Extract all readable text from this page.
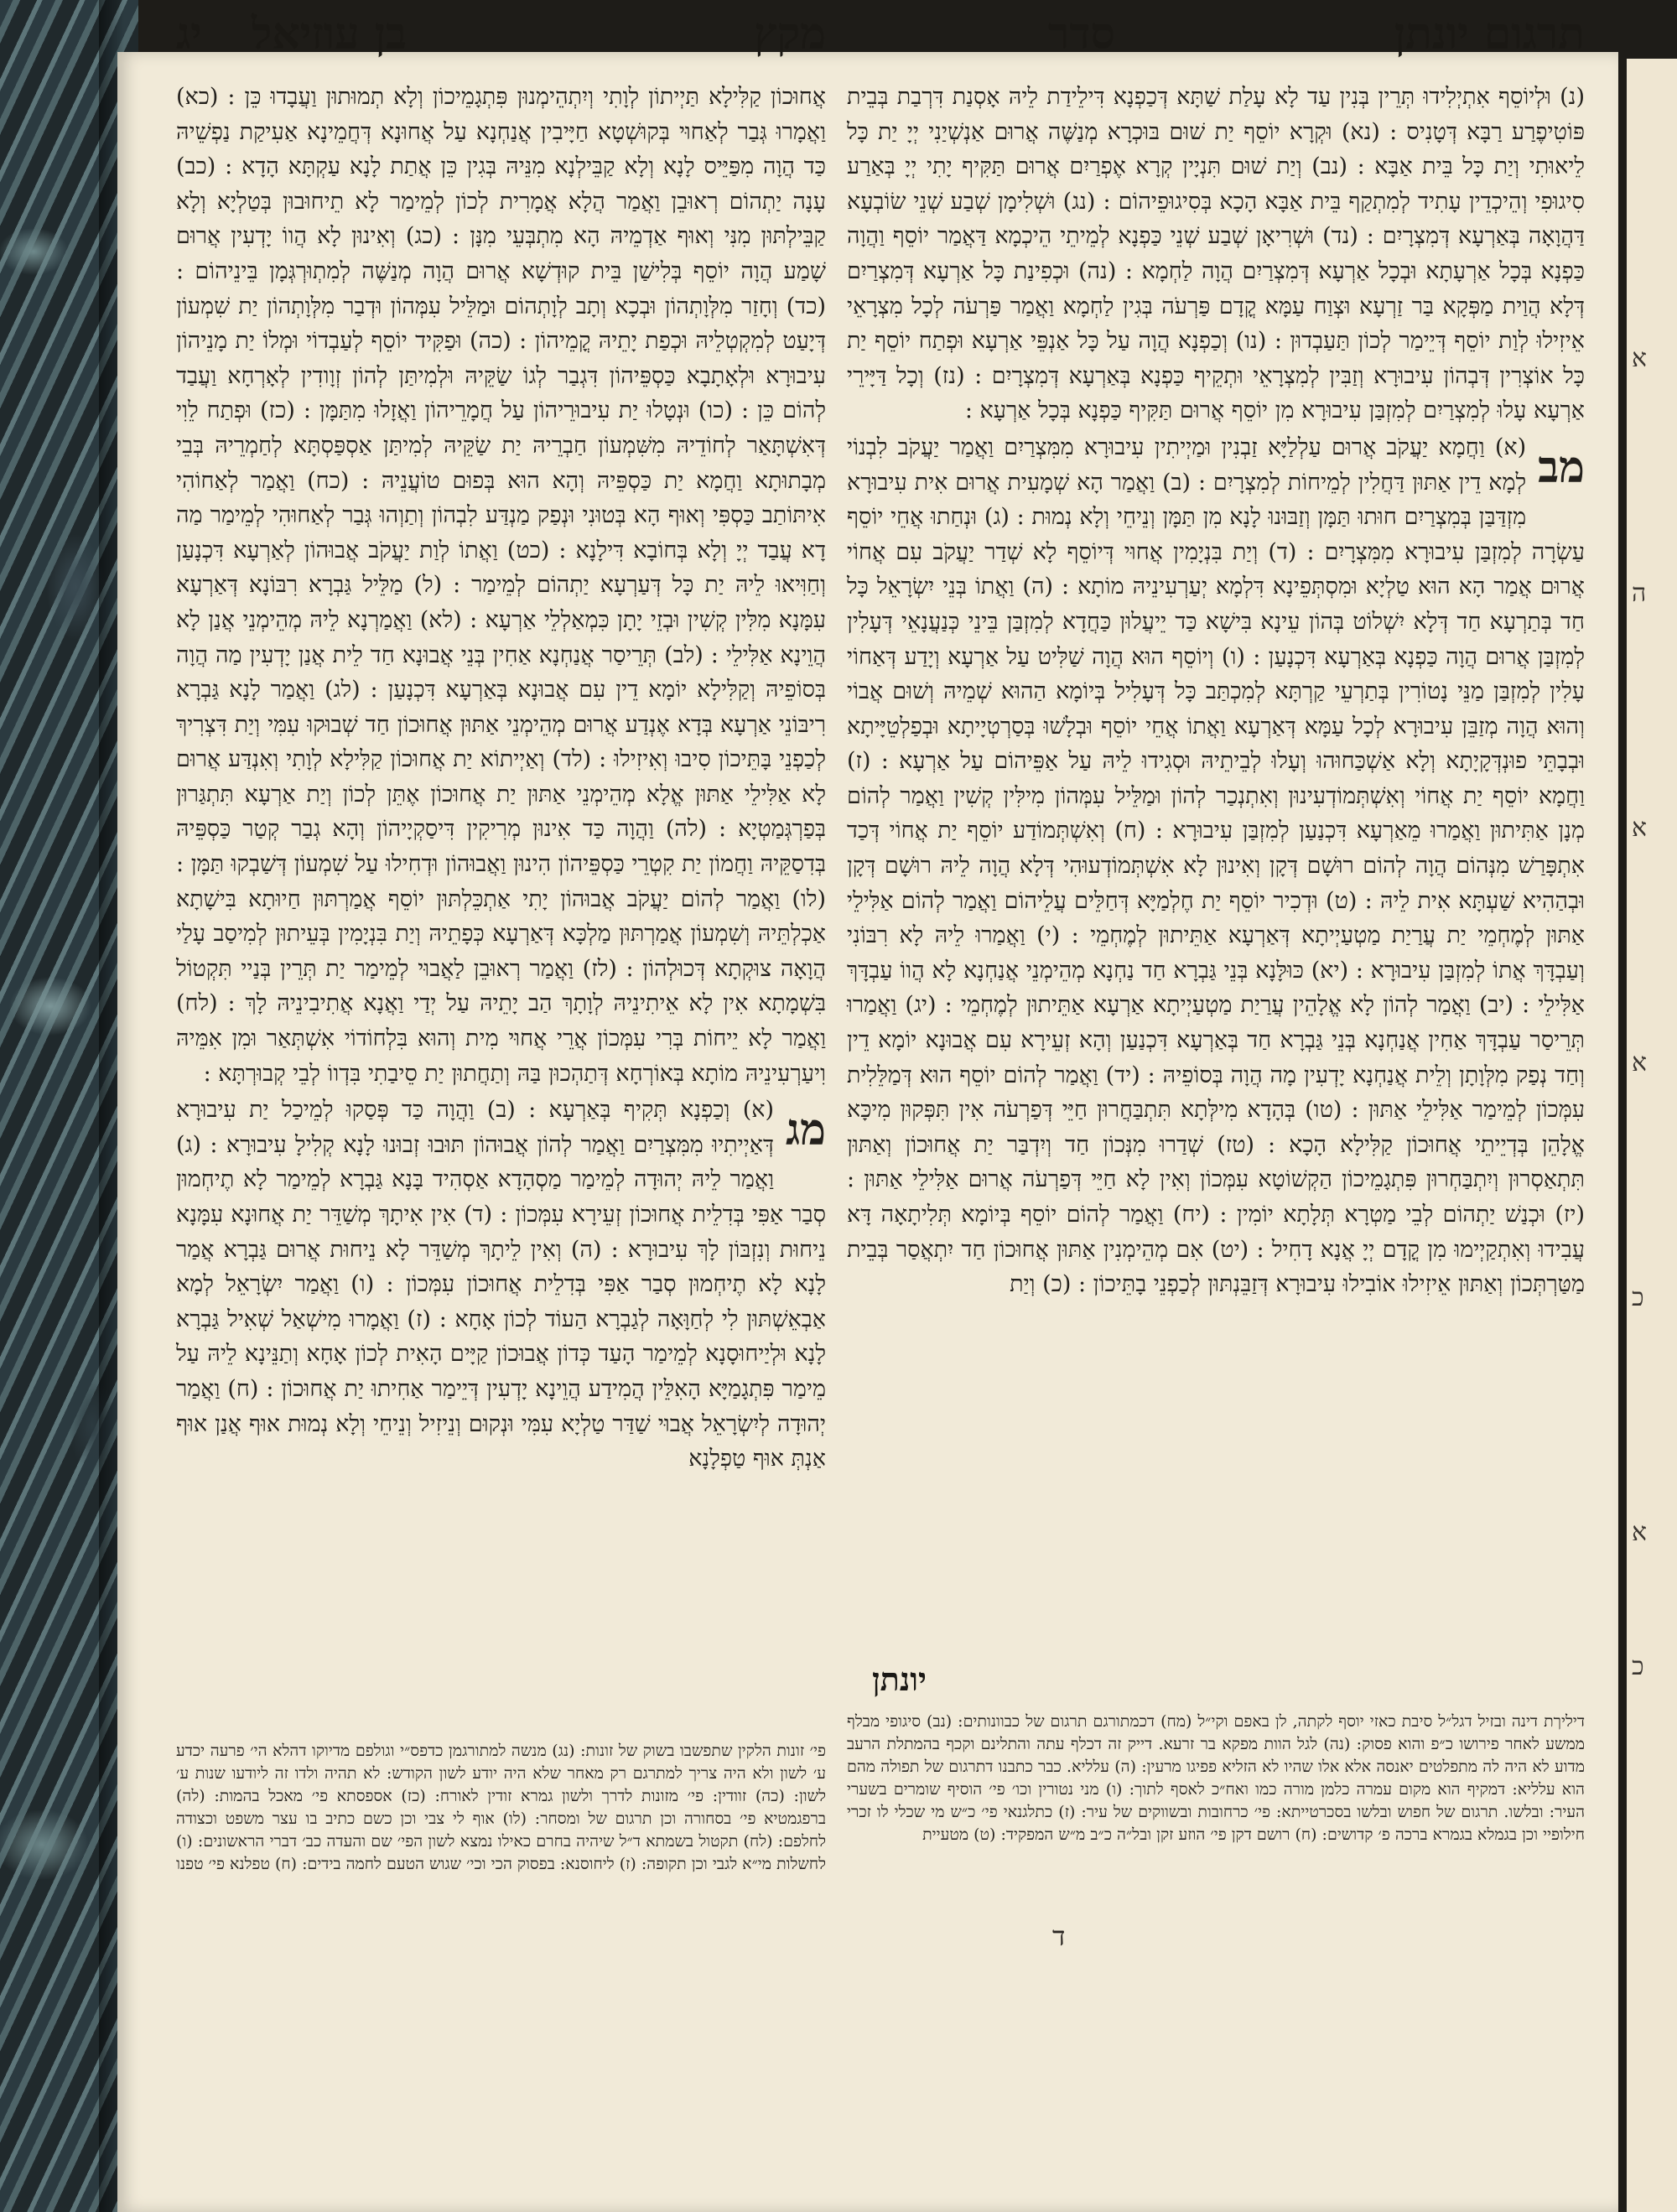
א
ה
א
א
כ
א
כ
תרגום יונתן
סדר
יג בן עוזיאל	מקץ

(נ) וּלְיוֹסֵף אִתְיְלִידוּ תְּרֵין בְּנִין עַד לָא עָלַת שַׁתָּא דְּכַפְנָא דִּילֵידַת לֵיהּ אָסְנַת דִּרְבַת בְּבֵית פּוֹטִיפֶרַע רַבָּא דְּטָנִיס : (נא) וּקְרָא יוֹסֵף יַת שׁוּם בּוּכְרָא מְנַשֶּׁה אֲרוּם אַנְשְׁיַנִי יְיָ יַת כָּל לֵיאוּתִי וְיַת כָּל בֵּית אַבָּא : (נב) וְיַת שׁוּם תִּנְיָין קְרָא אֶפְרַיִם אֲרוּם תַּקִּיף יָתִי יְיָ בְּאַרַע סִיגוּפִי וְהֵיכְדֵין עָתִיד לְמִתְקַף בֵּית אַבָּא הָכָא בְּסִיגוּפֵיהוֹם : (נג) וּשְׁלִימָן שְׁבַע שְׁנֵי שׂוֹבְעָא דַּהֲוָאָה בְּאַרְעָא דְּמִצְרָיִם : (נד) וּשְׁרִיאָן שְׁבַע שְׁנֵי כַּפְנָא לְמֵיתֵי הֵיכְמָא דַּאֲמַר יוֹסֵף וַהֲוָה כַּפְנָא בְּכָל אַרְעָתָא וּבְכָל אַרְעָא דְּמִצְרַיִם הֲוָה לַחְמָא : (נה) וּכְפִינַת כָּל אַרְעָא דְּמִצְרַיִם דְּלָא הֲוַית מַפְּקָא בַּר זַרְעָא וּצְוַח עַמָּא קֳדָם פַּרְעֹה בְּגִין לַחְמָא וַאֲמַר פַּרְעֹה לְכָל מִצְרָאֵי אֵיזִילוּ לְוַת יוֹסֵף דְּיֵימַר לְכוֹן תַּעַבְדוּן : (נו) וְכַפְנָא הֲוָה עַל כָּל אַנְפֵּי אַרְעָא וּפְתַח יוֹסֵף יַת כָּל אוֹצְרִין דְּבְהוֹן עִיבוּרָא וְזַבִּין לְמִצְרָאֵי וּתְקֵיף כַּפְנָא בְּאַרְעָא דְּמִצְרָיִם : (נז) וְכָל דַּיָּירֵי אַרְעָא עָלוּ לְמִצְרַיִם לְמִזְבַּן עִיבוּרָא מִן יוֹסֵף אֲרוּם תַּקִּיף כַּפְנָא בְּכָל אַרְעָא :

מב
(א) וַחֲמָא יַעֲקֹב אֲרוּם עַלְלַיָּא זַבְנִין וּמַיְיתִין עִיבוּרָא מִמִּצְרַיִם וַאֲמַר יַעֲקֹב לִבְנוֹי לְמָא דֵין אַתּוּן דַּחֲלִין לְמֵיחוֹת לְמִצְרָיִם : (ב) וַאֲמַר הָא שְׁמָעִית אֲרוּם אִית עִיבוּרָא מִזְדַּבַּן בְּמִצְרַיִם חוּתוּ תַּמָּן וְזַבּוּנוּ לָנָא מִן תַּמָּן וְנֵיחֵי וְלָא נְמוּת : (ג) וּנְחַתוּ אֲחֵי יוֹסֵף עַשְׂרָה לְמִזְבַּן עִיבוּרָא מִמִּצְרָיִם : (ד) וְיַת בִּנְיָמִין אֲחוּי דְּיוֹסֵף לָא שְׁדַר יַעֲקֹב עִם אֲחוֹי אֲרוּם אֲמַר הָא הוּא טַלְיָא וּמִסְתְּפֵינָא דִּלְמָא יְעַרְעִינֵיהּ מוֹתָא : (ה) וַאֲתוֹ בְּנֵי יִשְׂרָאֵל כָּל חַד בְּתַרְעָא חַד דְּלָא יִשְׁלוֹט בְּהוֹן עֵינָא בִּישָׁא כַּד יֵיעֲלוּן כַּחֲדָא לְמִזְבַּן בֵּינֵי כְּנַעֲנָאֵי דְּעָלִין לְמִזְבַּן אֲרוּם הֲוָה כַּפְנָא בְּאַרְעָא דִּכְנָעַן : (ו) וְיוֹסֵף הוּא הֲוָה שַׁלִּיט עַל אַרְעָא וְיָדַע דְּאַחוֹי עָלִין לְמִזְבַּן מַנֵּי נָטוֹרִין בְּתַרְעֵי קַרְתָּא לְמִכְתַּב כָּל דְּעָלִיל בְּיוֹמָא הַהוּא שְׁמֵיהּ וְשׁוּם אֲבוֹי וְהוּא הֲוָה מְזַבֵּן עִיבוּרָא לְכָל עַמָּא דְּאַרְעָא וַאֲתוֹ אֲחֵי יוֹסֵף וּבְלָשׁוּ בְּסַרְטְיָיתָא וּבְפַלְטֵיָּיתָא וּבְבָתֵּי פוּנְדְּקָיָתָא וְלָא אַשְׁכַּחוּהוּ וְעָלוּ לְבֵיתֵיהּ וּסְגִידוּ לֵיהּ עַל אַפֵּיהוֹם עַל אַרְעָא : (ז) וַחֲמָא יוֹסֵף יַת אֲחוֹי וְאִשְׁתְּמוֹדְעִינוּן וְאִתְנְכַר לְהוֹן וּמַלֵּיל עִמְּהוֹן מִילִּין קְשִׁין וַאֲמַר לְהוֹם מְנָן אַתִּיתוּן וַאֲמַרוּ מֵאַרְעָא דִּכְנַעַן לְמִזְבַּן עִיבוּרָא : (ח) וְאִשְׁתְּמוֹדַע יוֹסֵף יַת אֲחוֹי דְּכַד אִתְפָּרַשׁ מִנְּהוֹם הֲוָה לְהוֹם רוּשָׁם דְּקָן וְאִינוּן לָא אִשְׁתְּמוֹדְעוּהִי דְּלָא הֲוָה לֵיהּ רוּשָׁם דְּקָן וּבְהַהִיא שַׁעְתָּא אִית לֵיהּ : (ט) וּדְכִיר יוֹסֵף יַת חֶלְמַיָּא דְּחַלֵּים עֲלֵיהוֹם וַאֲמַר לְהוֹם אַלִּילֵי אַתּוּן לְמֶחְמֵי יַת עֲרַיַת מַטְעַיְיתָא דְּאַרְעָא אַתֵּיתוּן לְמֶחְמֵי : (י) וַאֲמַרוּ לֵיהּ לָא רִבּוֹנִי וְעַבְדָּךְ אֲתוֹ לְמִזְבַּן עִיבוּרָא : (יא) כּוּלָּנָא בְּנֵי גַּבְרָא חַד נַחְנָא מְהֵימְנֵי אֲנַחְנָא לָא הֲווֹ עַבְדָּךְ אַלִּילֵי : (יב) וַאֲמַר לְהוֹן לָא אֱלָהֵין עֲרַיַת מַטְעַיְיתָא אַרְעָא אַתֵּיתוּן לְמֶחְמֵי : (יג) וַאֲמַרוּ תְּרֵיסַר עַבְדָּךְ אַחִין אֲנַחְנָא בְּנֵי גַּבְרָא חַד בְּאַרְעָא דִּכְנַעַן וְהָא זְעֵירָא עִם אֲבוּנָא יוֹמָא דֵין וְחַד נְפַק מִלְּוָתָן וְלֵית אֲנַחְנָא יָדְעִין מָה הֲוָה בְּסוֹפֵיהּ : (יד) וַאֲמַר לְהוֹם יוֹסֵף הוּא דְּמַלֵּלִית עִמְּכוֹן לְמֵימַר אַלִּילֵי אַתּוּן : (טו) בְּהָדָא מִילְּתָא תִּתְבַּחֲרוּן חַיֵּי דְּפַרְעֹה אִין תִּפְּקוּן מִיכָּא אֱלָהֵן בְּדְיֵיתֵי אֲחוּכוֹן קַלִּילָא הָכָא : (טז) שְׁדַרוּ מִנְּכוֹן חַד וְיִדְבַּר יַת אֲחוּכוֹן וְאַתּוּן תִּתְאַסְרוּן וְיִתְבַּחְרוּן פִּתְגָמֵיכוֹן הַקְשׁוֹטָא עִמְּכוֹן וְאִין לָא חַיֵּי דְּפַרְעֹה אֲרוּם אַלִּילֵי אַתּוּן : (יז) וּכְנַשׁ יַתְהוֹם לְבֵי מַטְרָא תְּלָתָא יוֹמִין : (יח) וַאֲמַר לְהוֹם יוֹסֵף בְּיוֹמָא תְּלִיתָאָה דָּא עֲבִידוּ וְאִתְקַיְימוּ מִן קֳדָם יְיָ אֲנָא דָחִיל : (יט) אִם מְהֵימְנִין אַתּוּן אֲחוּכוֹן חַד יִתְאֲסַר בְּבֵית מַטַּרְתְּכוֹן וְאַתּוּן אֵיזִילוּ אוֹבִילוּ עִיבוּרָא דְּזַבֵּנְתּוּן לְכַפְנֵי בָתֵּיכוֹן : (כ) וְיַת

אֲחוּכוֹן קַלִּילָא תַּיְיתוֹן לְוָתִי וְיִתְהֵימְנוּן פִּתְגָמֵיכוֹן וְלָא תְמוּתוּן וַעֲבָדוּ כֵּן : (כא) וַאֲמָרוּ גְּבַר לְאַחוּי בְּקוּשְׁטָא חַיָּיבִין אֲנַחְנָא עַל אֲחוּנָא דְּחֲמֵינָא אַעִיקַת נַפְשֵׁיהּ כַּד הֲוָה מִפַּיֵּיס לָנָא וְלָא קַבֵּילְנָא מִנֵּיהּ בְּגִין כֵּן אֲתַת לָנָא עַקְתָּא הָדָא : (כב) עָנָה יַתְהוֹם רְאוּבֵן וַאֲמַר הֲלָא אֲמָרִית לְכוֹן לְמֵימַר לָא תֵיחוּבוּן בְּטַלְיָא וְלָא קַבֵּילְתּוּן מִנִּי וְאוּף אַדְמֵיהּ הָא מִתְבְּעֵי מִנָּן : (כג) וְאִינוּן לָא הֲווֹ יָדְעִין אֲרוּם שָׁמַע הֲוָה יוֹסֵף בְּלִישַׁן בֵּית קוּדְשָׁא אֲרוּם הֲוָה מְנַשֶּׁה לְמִתְוּרְגְּמָן בֵּינֵיהוֹם : (כד) וְחָזַר מִלְּוָתְהוֹן וּבְכָא וְתָב לְוָתְהוֹם וּמַלֵּיל עִמְּהוֹן וּדְבַר מִלְּוָתְהוֹן יַת שִׁמְעוֹן דְּיָעַט לְמִקְטְלֵיהּ וּכְפַת יָתֵיהּ קֳמֵיהוֹן : (כה) וּפַקִּיד יוֹסֵף לְעַבְדוֹי וּמְלוֹ יַת מָנֵיהוֹן עִיבוּרָא וּלְאָתָבָא כַּסְפֵּיהוֹן דִּגְבַר לְגוֹ שַׂקֵּיהּ וּלְמִיתַּן לְהוֹן זְוָודִין לְאָרְחָא וַעֲבַד לְהוֹם כֵּן : (כו) וּנְטָלוּ יַת עִיבוּרֵיהוֹן עַל חֲמָרֵיהוֹן וַאֲזָלוּ מִתַּמָּן : (כז) וּפְתַח לֵוִי דְּאִשְׁתָּאַר לְחוֹדֵיהּ מִשִּׁמְעוֹן חַבְרֵיהּ יַת שַׂקֵּיהּ לְמִיתַּן אַסְפַּסְתָּא לְחַמְרֵיהּ בְּבֵי מְבָתוּתָא וַחֲמָא יַת כַּסְפֵּיהּ וְהָא הוּא בְּפוּם טוֹעֲנֵיהּ : (כח) וַאֲמַר לְאַחוֹהִי אִיתּוֹתַב כַּסְפִּי וְאוּף הָא בְּטוּנִי וּנְפַק מַנְדַּע לִבְהוֹן וְתַוְהוּ גְּבַר לְאַחוּהִי לְמֵימַר מַה דָא עֲבַד יְיָ וְלָא בְּחוֹבָא דִּילָנָא : (כט) וַאֲתוֹ לְוַת יַעֲקֹב אֲבוּהוֹן לְאַרְעָא דִּכְנָעַן וְחַוִּיאוּ לֵיהּ יַת כָּל דְּעַרְעָא יַתְהוֹם לְמֵימַר : (ל) מַלֵּיל גַּבְרָא רִבּוֹנָא דְּאַרְעָא עִמָּנָא מִלִּין קְשִׁין וּבְזֵי יָתָן כִּמְאַלְלֵי אַרְעָא : (לא) וַאֲמַרְנָא לֵיהּ מְהֵימְנֵי אֲנַן לָא הֲוֵינָא אַלִּילֵי : (לב) תְּרֵיסַר אֲנַחְנָא אַחִין בְּנֵי אֲבוּנָא חַד לֵית אֲנַן יָדְעִין מַה הֲוָה בְּסוֹפֵיהּ וְקַלִּילָא יוֹמָא דֵין עִם אֲבוּנָא בְּאַרְעָא דִּכְנָעַן : (לג) וַאֲמַר לָנָא גַּבְרָא רִיבּוֹנֵי אַרְעָא בְּדָא אֶנְדַע אֲרוּם מְהֵימְנֵי אַתּוּן אֲחוּכוֹן חַד שְׁבוּקוּ עִמִּי וְיַת דִּצְרִיךְ לְכַפְנֵי בָּתֵּיכוֹן סִיבוּ וְאִיזִילוּ : (לד) וְאַיְיתוֹא יַת אֲחוּכוֹן קַלִּילָא לְוָתִי וְאִנְדַּע אֲרוּם לָא אַלִּילֵי אַתּוּן אֱלָא מְהֵימְנֵי אַתּוּן יַת אֲחוּכוֹן אֶתֵּן לְכוֹן וְיַת אַרְעָא תִּתְגַּרוּן בְּפַרְגְּמַטְיָא : (לה) וַהֲוָה כַּד אִינוּן מְרִיקִין דִּיסַקְיָיהוֹן וְהָא גְבַר קְטַר כַּסְפֵּיהּ בְּדִסַקֵּיהּ וַחֲמוֹן יַת קִטְרֵי כַּסְפֵּיהוֹן הִינוּן וַאֲבוּהוֹן וּדְחִילוּ עַל שִׁמְעוֹן דְּשַׁבְקוּ תַּמָּן : (לו) וַאֲמַר לְהוֹם יַעֲקֹב אֲבוּהוֹן יָתִי אַתְכֵּלְתּוּן יוֹסֵף אֲמַרְתּוּן חַיוּתָא בִּישָׁתָא אַכְלְתֵּיהּ וְשִׁמְעוֹן אֲמַרְתּוּן מַלְכָּא דְּאַרְעָא כְּפָתֵיהּ וְיַת בִּנְיָמִין בְּעֵיתוּן לְמִיסַב עָלַי הֲוָאָה צוּקְתָא דְּכוּלְהוֹן : (לז) וַאֲמַר רְאוּבֵן לַאֲבוּי לְמֵימַר יַת תְּרֵין בְּנַיי תִּקְטוֹל בִּשְׁמָתָא אִין לָא אֵיתִינֵיהּ לְוָתָךְ הַב יָתֵיהּ עַל יְדַי וַאֲנָא אֲתִיבִינֵיהּ לָךְ : (לח) וַאֲמַר לָא יֵיחוֹת בְּרִי עִמְּכוֹן אֲרֵי אֲחוּי מִית וְהוּא בִּלְחוֹדוֹי אִשְׁתְּאַר וּמִן אִמֵּיהּ וִיעַרְעִינֵיהּ מוֹתָא בְּאוֹרְחָא דְּתַהְכוּן בַּהּ וְתַחֲתוּן יַת סֵיבַתִי בִּדְווֹ לְבֵי קְבוּרְתָּא :

מג
(א) וְכַפְנָא תְּקִיף בְּאַרְעָא : (ב) וַהֲוָה כַּד פְּסַקוּ לְמֵיכַל יַת עִיבוּרָא דְּאַיְיתִיוּ מִמִּצְרַיִם וַאֲמַר לְהוֹן אֲבוּהוֹן תּוּבוּ זְבוּנוּ לָנָא קְלִילָ עִיבוּרָא : (ג) וַאֲמַר לֵיהּ יְהוּדָה לְמֵימַר מַסְהָדָא אַסְהִיד בָּנָא גַּבְרָא לְמֵימַר לָא תֶיחְמוּן סְבַר אַפִּי בְּדִלֵית אֲחוּכוֹן זְעֵירָא עִמְּכוֹן : (ד) אִין אִיתָךְ מְשַׁדֵּר יַת אֲחוּנָא עִמָּנָא נֵיחוּת וְנִזְבּוֹן לָךְ עִיבוּרָא : (ה) וְאִין לֵיתָךְ מְשַׁדֵּר לָא נֵיחוּת אֲרוּם גַּבְרָא אֲמַר לָנָא לָא תֶיחְמוּן סְבַר אַפִּי בְּדִלֵית אֲחוּכוֹן עִמְּכוֹן : (ו) וַאֲמַר יִשְׂרָאֵל לְמָא אַבְאֵשְׁתּוּן לִי לְחַוָּאָה לְגַבְרָא הַעוֹד לְכוֹן אָחָא : (ז) וַאֲמָרוּ מִישְׁאַל שְׁאִיל גַּבְרָא לָנָא וּלְיַיחוּסָנָא לְמֵימַר הָעַד כְּדוֹן אֲבוּכוֹן קַיָּים הָאִית לְכוֹן אָחָא וְתַנֵּינָא לֵיהּ עַל מֵימַר פִּתְגָמַיָּא הָאִלֵּין הֲמִידַע הֲוֵינָא יָדְעִין דְּיֵימַר אַחִיתוּ יַת אֲחוּכוֹן : (ח) וַאֲמַר יְהוּדָה לְיִשְׂרָאֵל אֲבוּי שַׁדַּר טַלְיָא עִמִּי וּנְקוּם וְנֵיזִיל וְנֵיחֵי וְלָא נְמוּת אוּף אֲנַן אוּף אַנְתְּ אוּף טַפְלָנָא

יונתן
דיליךת דינה ובזיל דגל״ל סיבת כאזי יוסף לקתה, לן באפם וקי״ל (מח) דכמתורגם תרגום של כבוונותים: (נב) סיגופי מבלף ממשע לאחר פירושו כ״פ והוא פסוק: (נה) לגל הוות מפקא בר זרעא. דייק זה דכלף עתה והתלינם וקכף בהמתלת הרעב מדוע לא היה לה מתפלטים יאנסה אלא אלו שהיו לא הזליא פפיגו מרעין: (ה) עלליא. כבר כתבנו דתרגום של תפולה מהם הוא עלליא: דמקיף הוא מקום עמרה כלמן מורה כמו ואח״כ לאסף לתוך: (ו) מני נטורין וכו׳ פי׳ הוסיף שומרים בשערי העיר: ובלשו. תרגום של חפוש ובלשו בסכרטייתא: פי׳ כרחובות ובשווקים של עיר: (ז) כתלגנאי פי׳ כ״ש מי שכלי לו זכרי חילופיי וכן בגמלא בגמרא ברכה פ׳ קדושים: (ח) רושם דקן פי׳ הוזע זקן ובל״ה כ״ב מ״ש המפקיד: (ט) מטעיית
פי׳ זונות הלקין שתפשבו בשוק של זונות: (נג) מנשה למתורגמן כדפס״י וגולפם מדיוקו דהלא הי׳ פרעה יכדע ע׳ לשון ולא היה צריך למתרגם רק מאחר שלא היה יודע לשון הקודש: לא תהיה ולדו זה ליודעו שנות ע׳ לשון: (כה) זוודין: פי׳ מזונות לדרך ולשון גמרא זודין לאורח: (כז) אספסתא פי׳ מאכל בהמות: (לה) ברפגמטיא פי׳ בסחורה וכן תרגום של ומסחר: (לו) אוף לי צבי וכן כשם כתיב בו עצר משפט וכצודה לחלפם: (לח) תקטול בשמתא ד״ל שיהיה בחרם כאילו נמצא לשון הפי׳ שם והעדה כב׳ דברי הראשונים: (ו) לחשלות מי״א לגבי וכן תקופה: (ז) ליחוסנא: בפסוק הכי וכי׳ שגוש הטעם לחמה בידים: (ח) טפלנא פי׳ טפנו
ד
